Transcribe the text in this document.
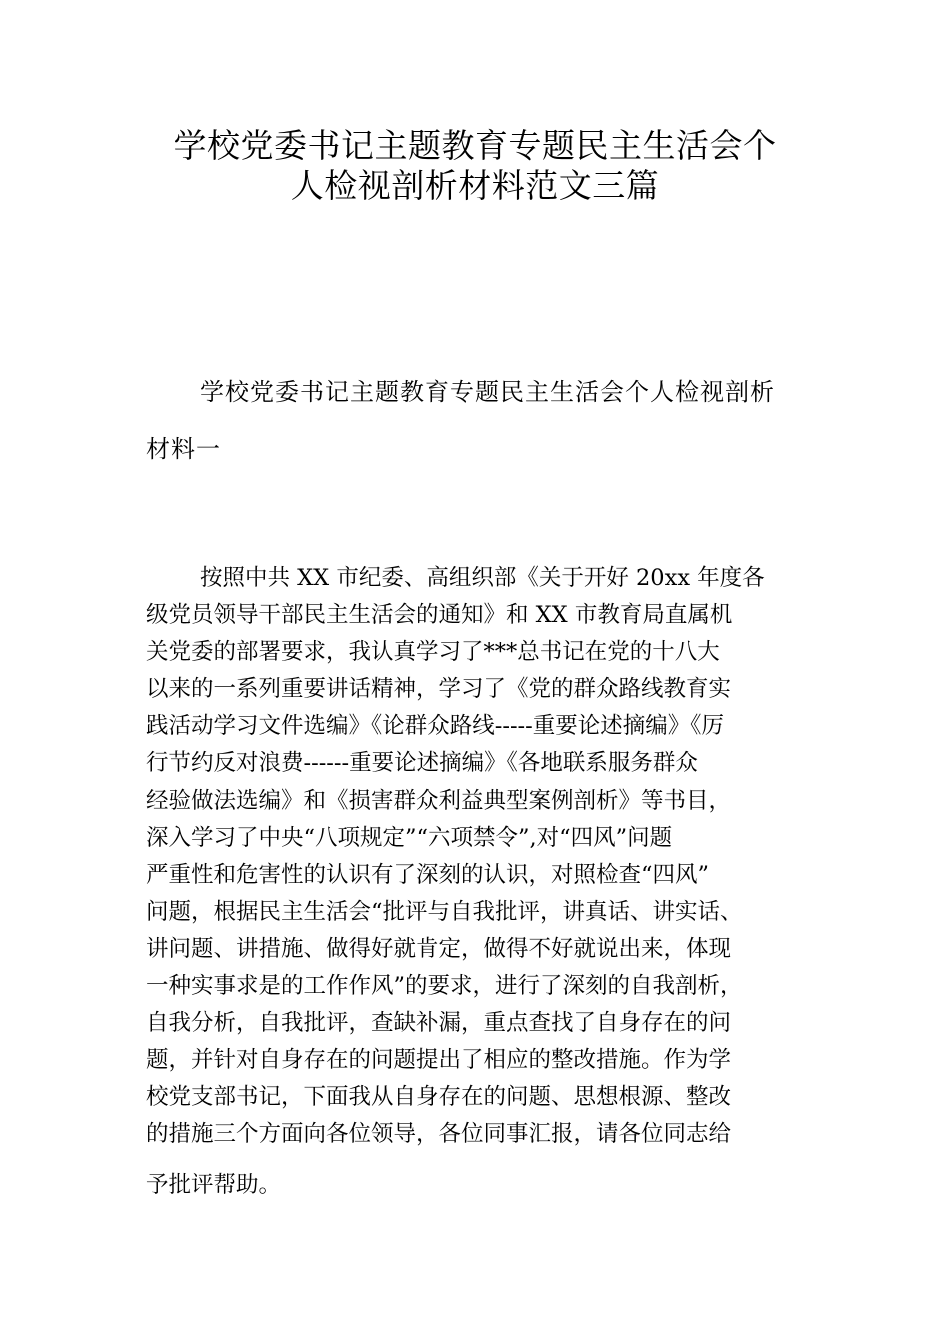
学校党委书记主题教育专题民主生活会个
人检视剖析材料范文三篇
学校党委书记主题教育专题民主生活会个人检视剖析
材料一
按照中共 XX 市纪委、高组织部《关于开好 20xx 年度各
级党员领导干部民主生活会的通知》和 XX 市教育局直属机
关党委的部署要求，我认真学习了***总书记在党的十八大
以来的一系列重要讲话精神，学习了《党的群众路线教育实
践活动学习文件选编》《论群众路线-----重要论述摘编》《厉
行节约反对浪费------重要论述摘编》《各地联系服务群众
经验做法选编》和《损害群众利益典型案例剖析》等书目，
深入学习了中央“八项规定”“六项禁令”,对“四风”问题
严重性和危害性的认识有了深刻的认识，对照检查“四风”
问题，根据民主生活会“批评与自我批评，讲真话、讲实话、
讲问题、讲措施、做得好就肯定，做得不好就说出来，体现
一种实事求是的工作作风”的要求，进行了深刻的自我剖析，
自我分析，自我批评，查缺补漏，重点查找了自身存在的问
题，并针对自身存在的问题提出了相应的整改措施。作为学
校党支部书记，下面我从自身存在的问题、思想根源、整改
的措施三个方面向各位领导，各位同事汇报，请各位同志给
予批评帮助。
